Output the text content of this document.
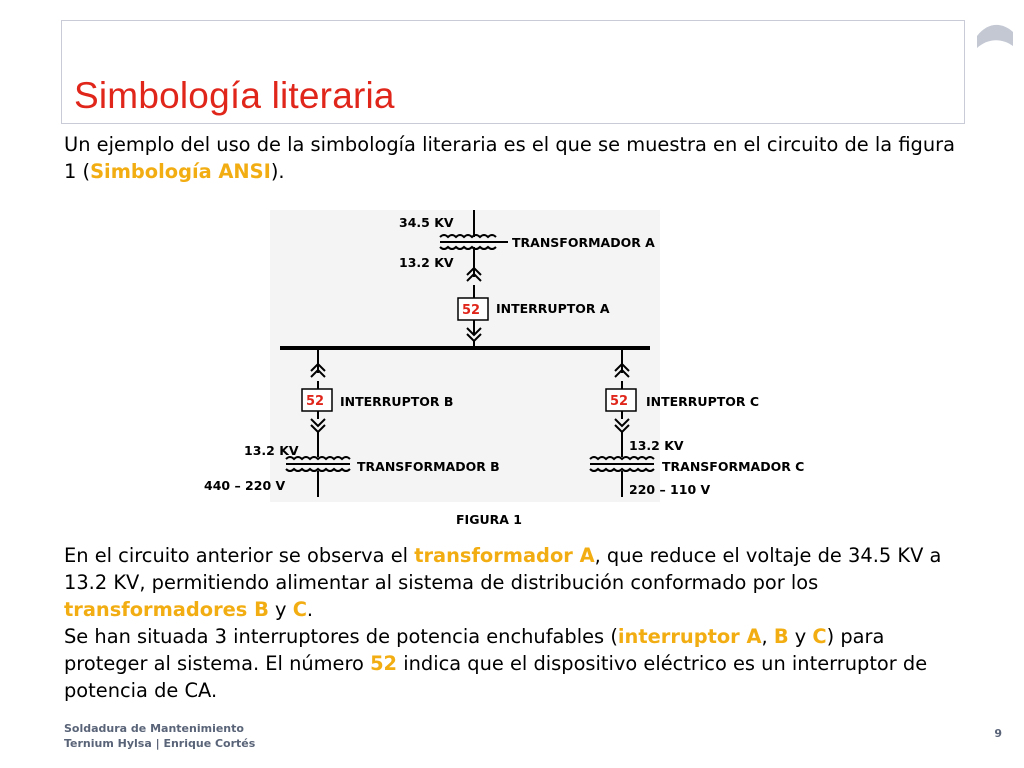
Simbología literaria

Un ejemplo del uso de la simbología literaria es el que se muestra en el circuito de la figura 1 (Simbología ANSI).

34.5 KV
TRANSFORMADOR A
13.2 KV
52 INTERRUPTOR A
52 INTERRUPTOR B	52 INTERRUPTOR C
13.2 KV
TRANSFORMADOR B
440 – 220 V
13.2 KV
TRANSFORMADOR C
220 – 110 V
FIGURA 1

En el circuito anterior se observa el transformador A, que reduce el voltaje de 34.5 KV a 13.2 KV, permitiendo alimentar al sistema de distribución conformado por los transformadores B y C.
Se han situada 3 interruptores de potencia enchufables (interruptor A, B y C) para proteger al sistema. El número 52 indica que el dispositivo eléctrico es un interruptor de potencia de CA.

Soldadura de Mantenimiento
Ternium Hylsa | Enrique Cortés
9
